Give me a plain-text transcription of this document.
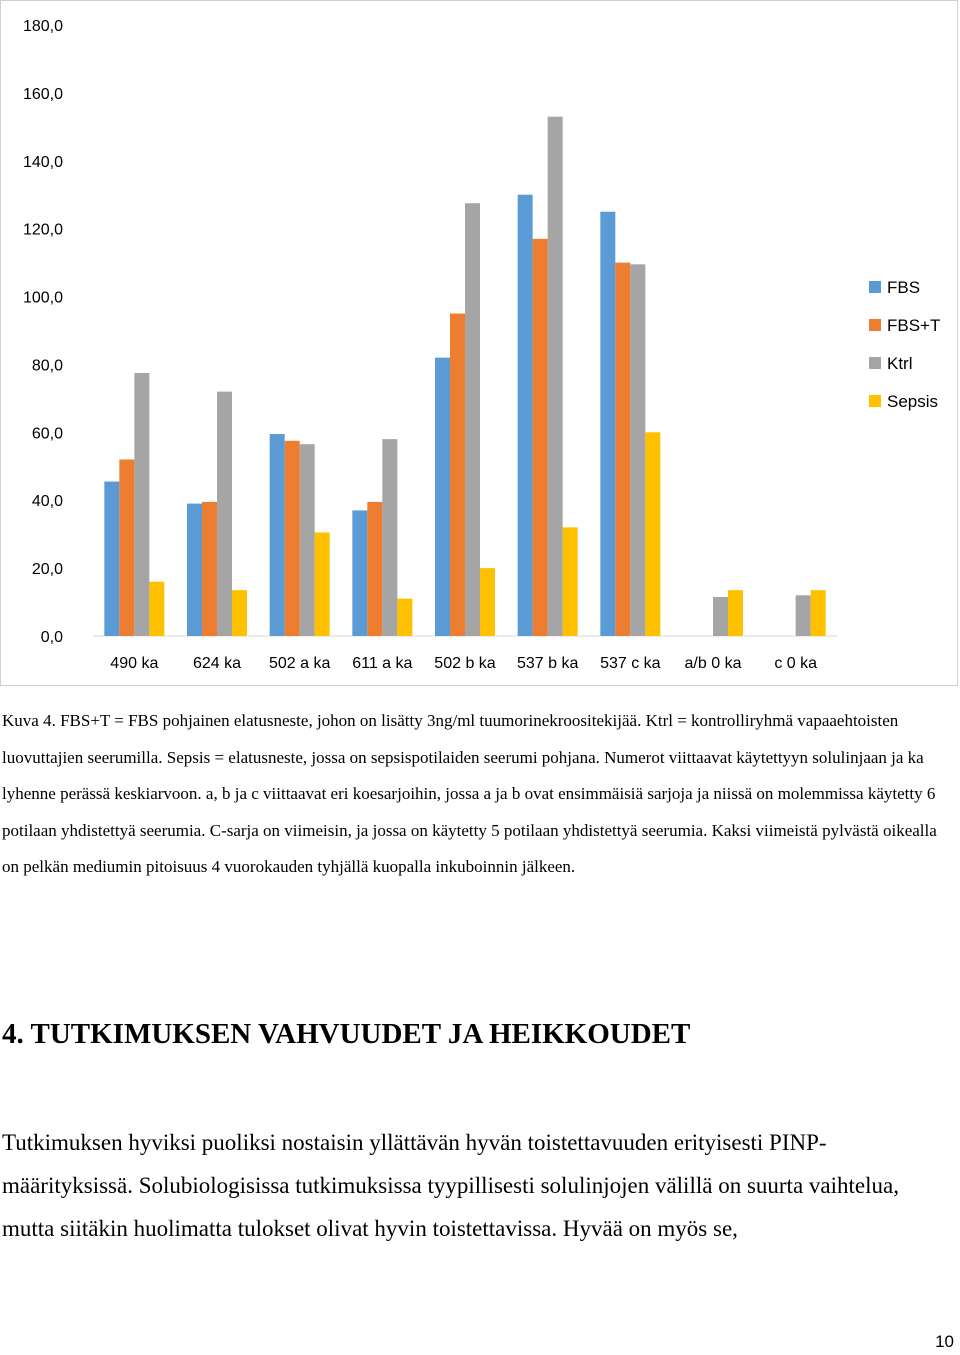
0,0
20,0
40,0
60,0
80,0
100,0
120,0
140,0
160,0
180,0
490 ka 624 ka 502 a ka 611 a ka 502 b ka 537 b ka 537 c ka a/b 0 ka c 0 ka
FBS
FBS+T
Ktrl
Sepsis

Kuva 4. FBS+T = FBS pohjainen elatusneste, johon on lisätty 3ng/ml tuumorinekroositekijää. Ktrl = kontrolliryhmä vapaaehtoisten luovuttajien seerumilla. Sepsis = elatusneste, jossa on sepsispotilaiden seerumi pohjana. Numerot viittaavat käytettyyn solulinjaan ja ka lyhenne perässä keskiarvoon. a, b ja c viittaavat eri koesarjoihin, jossa a ja b ovat ensimmäisiä sarjoja ja niissä on molemmissa käytetty 6 potilaan yhdistettyä seerumia. C-sarja on viimeisin, ja jossa on käytetty 5 potilaan yhdistettyä seerumia. Kaksi viimeistä pylvästä oikealla on pelkän mediumin pitoisuus 4 vuorokauden tyhjällä kuopalla inkuboinnin jälkeen.

4. TUTKIMUKSEN VAHVUUDET JA HEIKKOUDET

Tutkimuksen hyviksi puoliksi nostaisin yllättävän hyvän toistettavuuden erityisesti PINP-määrityksissä. Solubiologisissa tutkimuksissa tyypillisesti solulinjojen välillä on suurta vaihtelua, mutta siitäkin huolimatta tulokset olivat hyvin toistettavissa. Hyvää on myös se,

10
